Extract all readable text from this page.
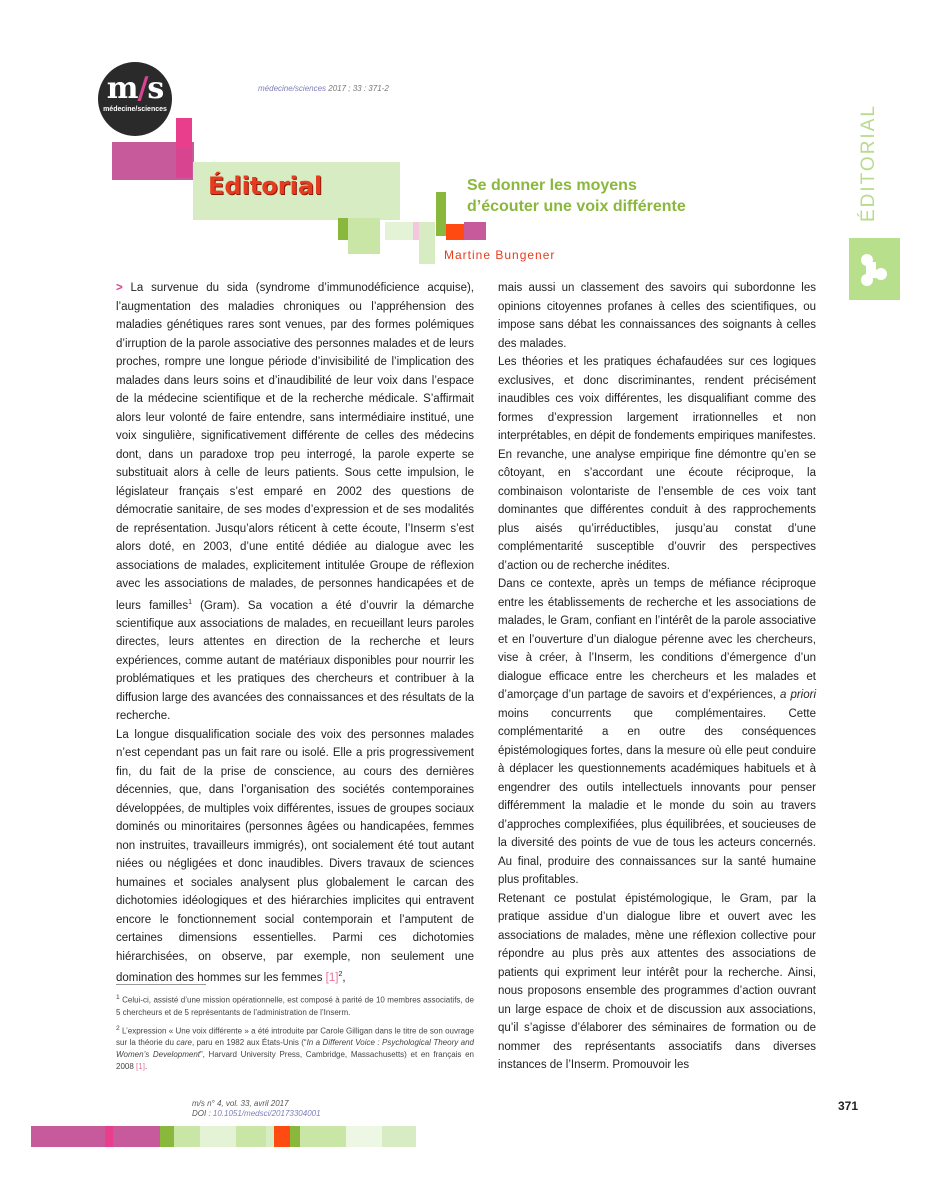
m/s
médecine/sciences
médecine/sciences 2017 ; 33 : 371-2
Éditorial	Se donner les moyens
d’écouter une voix différente
Martine Bungener
ÉDITORIAL

> La survenue du sida (syndrome d’immunodéficience acquise), l’augmentation des maladies chroniques ou l’appréhension des maladies génétiques rares sont venues, par des formes polémiques d’irruption de la parole associative des personnes malades et de leurs proches, rompre une longue période d’invisibilité de l’implication des malades dans leurs soins et d’inaudibilité de leur voix dans l’espace de la médecine scientifique et de la recherche médicale. S’affirmait alors leur volonté de faire entendre, sans intermédiaire institué, une voix singulière, significativement différente de celles des médecins dont, dans un paradoxe trop peu interrogé, la parole experte se substituait alors à celle de leurs patients. Sous cette impulsion, le législateur français s’est emparé en 2002 des questions de démocratie sanitaire, de ses modes d’expression et de ses modalités de représentation. Jusqu’alors réticent à cette écoute, l’Inserm s’est alors doté, en 2003, d’une entité dédiée au dialogue avec les associations de malades, explicitement intitulée Groupe de réflexion avec les associations de malades, de personnes handicapées et de leurs familles$^1$ (Gram). Sa vocation a été d’ouvrir la démarche scientifique aux associations de malades, en recueillant leurs paroles directes, leurs attentes en direction de la recherche et leurs expériences, comme autant de matériaux disponibles pour nourrir les problématiques et les pratiques des chercheurs et contribuer à la diffusion large des avancées des connaissances et des résultats de la recherche.

La longue disqualification sociale des voix des personnes malades n’est cependant pas un fait rare ou isolé. Elle a pris progressivement fin, du fait de la prise de conscience, au cours des dernières décennies, que, dans l’organisation des sociétés contemporaines développées, de multiples voix différentes, issues de groupes sociaux dominés ou minoritaires (personnes âgées ou handicapées, femmes non instruites, travailleurs immigrés), ont socialement été tout autant niées ou négligées et donc inaudibles. Divers travaux de sciences humaines et sociales analysent plus globalement le carcan des dichotomies idéologiques et des hiérarchies implicites qui entravent encore le fonctionnement social contemporain et l’amputent de certaines dimensions essentielles. Parmi ces dichotomies hiérarchisées, on observe, par exemple, non seulement une domination des hommes sur les femmes $[1]^2$,

mais aussi un classement des savoirs qui subordonne les opinions citoyennes profanes à celles des scientifiques, ou impose sans débat les connaissances des soignants à celles des malades.

Les théories et les pratiques échafaudées sur ces logiques exclusives, et donc discriminantes, rendent précisément inaudibles ces voix différentes, les disqualifiant comme des formes d’expression largement irrationnelles et non interprétables, en dépit de fondements empiriques manifestes. En revanche, une analyse empirique fine démontre qu’en se côtoyant, en s’accordant une écoute réciproque, la combinaison volontariste de l’ensemble de ces voix tant dominantes que différentes conduit à des rapprochements plus aisés qu’irréductibles, jusqu’au constat d’une complémentarité susceptible d’ouvrir des perspectives d’action ou de recherche inédites.

Dans ce contexte, après un temps de méfiance réciproque entre les établissements de recherche et les associations de malades, le Gram, confiant en l’intérêt de la parole associative et en l’ouverture d’un dialogue pérenne avec les chercheurs, vise à créer, à l’Inserm, les conditions d’émergence d’un dialogue efficace entre les chercheurs et les malades et d’amorçage d’un partage de savoirs et d’expériences, a priori moins concurrents que complémentaires. Cette complémentarité a en outre des conséquences épistémologiques fortes, dans la mesure où elle peut conduire à déplacer les questionnements académiques habituels et à engendrer des outils intellectuels innovants pour penser différemment la maladie et le monde du soin au travers d’approches complexifiées, plus équilibrées, et soucieuses de la diversité des points de vue de tous les acteurs concernés. Au final, produire des connaissances sur la santé humaine plus profitables.

Retenant ce postulat épistémologique, le Gram, par la pratique assidue d’un dialogue libre et ouvert avec les associations de malades, mène une réflexion collective pour répondre au plus près aux attentes des associations de patients qui expriment leur intérêt pour la recherche. Ainsi, nous proposons ensemble des programmes d’action ouvrant un large espace de choix et de discussion aux associations, qu’il s’agisse d’élaborer des séminaires de formation ou de nommer des représentants associatifs dans diverses instances de l’Inserm. Promouvoir les

$^1$ Celui-ci, assisté d’une mission opérationnelle, est composé à parité de 10 membres associatifs, de 5 chercheurs et de 5 représentants de l’administration de l’Inserm.

$^2$ L’expression « Une voix différente » a été introduite par Carole Gilligan dans le titre de son ouvrage sur la théorie du care, paru en 1982 aux États-Unis (“In a Different Voice : Psychological Theory and Women’s Development”, Harvard University Press, Cambridge, Massachusetts) et en français en 2008 [1].

m/s n° 4, vol. 33, avril 2017
DOI : 10.1051/medsci/20173304001
371
